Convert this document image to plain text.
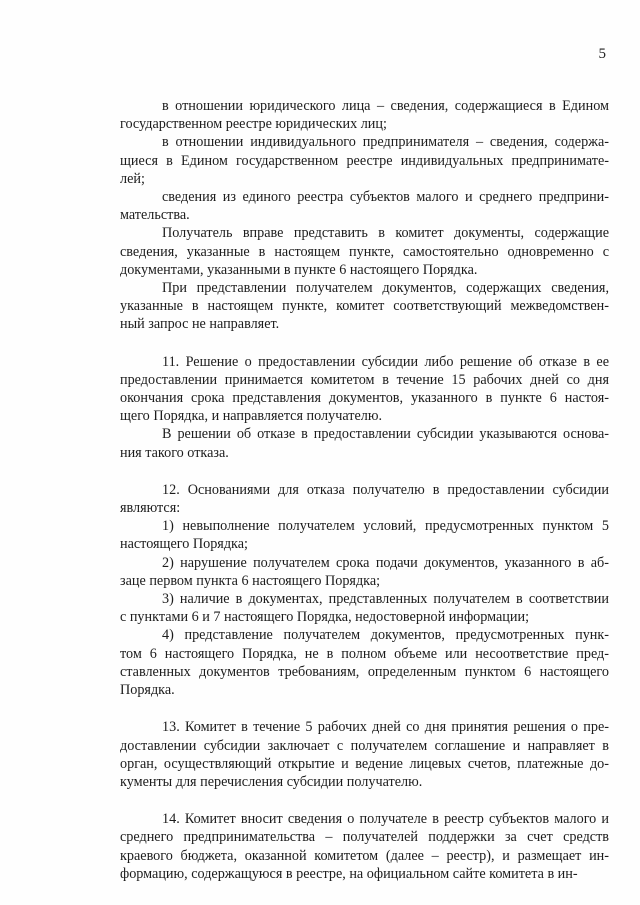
5
в отношении юридического лица – сведения, содержащиеся в Едином
государственном реестре юридических лиц;
в отношении индивидуального предпринимателя – сведения, содержа-
щиеся в Едином государственном реестре индивидуальных предпринимате-
лей;
сведения из единого реестра субъектов малого и среднего предприни-
мательства.
Получатель вправе представить в комитет документы, содержащие
сведения, указанные в настоящем пункте, самостоятельно одновременно с
документами, указанными в пункте 6 настоящего Порядка.
При представлении получателем документов, содержащих сведения,
указанные в настоящем пункте, комитет соответствующий межведомствен-
ный запрос не направляет.
11. Решение о предоставлении субсидии либо решение об отказе в ее
предоставлении принимается комитетом в течение 15 рабочих дней со дня
окончания срока представления документов, указанного в пункте 6 настоя-
щего Порядка, и направляется получателю.
В решении об отказе в предоставлении субсидии указываются основа-
ния такого отказа.
12. Основаниями для отказа получателю в предоставлении субсидии
являются:
1) невыполнение получателем условий, предусмотренных пунктом 5
настоящего Порядка;
2) нарушение получателем срока подачи документов, указанного в аб-
заце первом пункта 6 настоящего Порядка;
3) наличие в документах, представленных получателем в соответствии
с пунктами 6 и 7 настоящего Порядка, недостоверной информации;
4) представление получателем документов, предусмотренных пунк-
том 6 настоящего Порядка, не в полном объеме или несоответствие пред-
ставленных документов требованиям, определенным пунктом 6 настоящего
Порядка.
13. Комитет в течение 5 рабочих дней со дня принятия решения о пре-
доставлении субсидии заключает с получателем соглашение и направляет в
орган, осуществляющий открытие и ведение лицевых счетов, платежные до-
кументы для перечисления субсидии получателю.
14. Комитет вносит сведения о получателе в реестр субъектов малого и
среднего предпринимательства – получателей поддержки за счет средств
краевого бюджета, оказанной комитетом (далее – реестр), и размещает ин-
формацию, содержащуюся в реестре, на официальном сайте комитета в ин-
